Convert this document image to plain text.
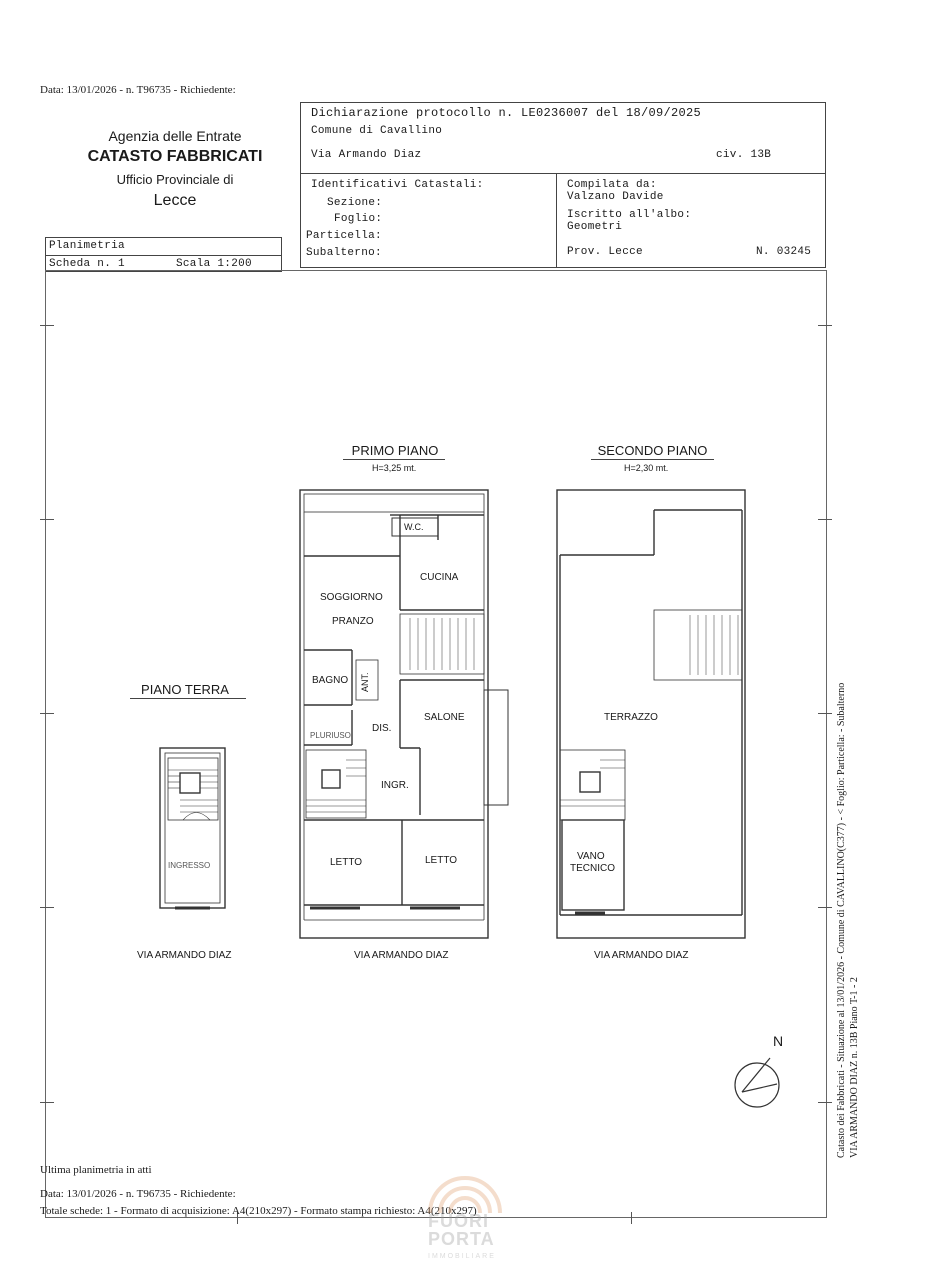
Data: 13/01/2026 - n. T96735 - Richiedente:
Agenzia delle Entrate
CATASTO FABBRICATI
Ufficio Provinciale di
Lecce
Planimetria
Scheda n. 1	Scala 1:200
Dichiarazione protocollo n. LE0236007 del 18/09/2025
Comune di Cavallino
Via Armando Diaz	civ. 13B
Identificativi Catastali:
Sezione:
Foglio:
Particella:
Subalterno:
Compilata da:
Valzano Davide
Iscritto all'albo:
Geometri
Prov. Lecce	N. 03245
PRIMO PIANO
H=3,25 mt.
SECONDO PIANO
H=2,30 mt.
PIANO TERRA
INGRESSO
W.C.
CUCINA
SOGGIORNO
PRANZO
BAGNO ANT.
DIS.
SALONE
PLURIUSO
INGR.
LETTO	LETTO
TERRAZZO
VANO
TECNICO
VIA ARMANDO DIAZ	VIA ARMANDO DIAZ	VIA ARMANDO DIAZ
N	Catasto dei Fabbricati - Situazione al 13/01/2026 - Comune di CAVALLINO(C377) - < Foglio: Particella: - Subalterno VIA ARMANDO DIAZ n. 13B Piano T-1 - 2
Ultima planimetria in atti
Data: 13/01/2026 - n. T96735 - Richiedente:
Totale schede: 1 - Formato di acquisizione: A4(210x297) - Formato stampa richiesto: A4(210x297)
FUORI
PORTA
IMMOBILIARE
